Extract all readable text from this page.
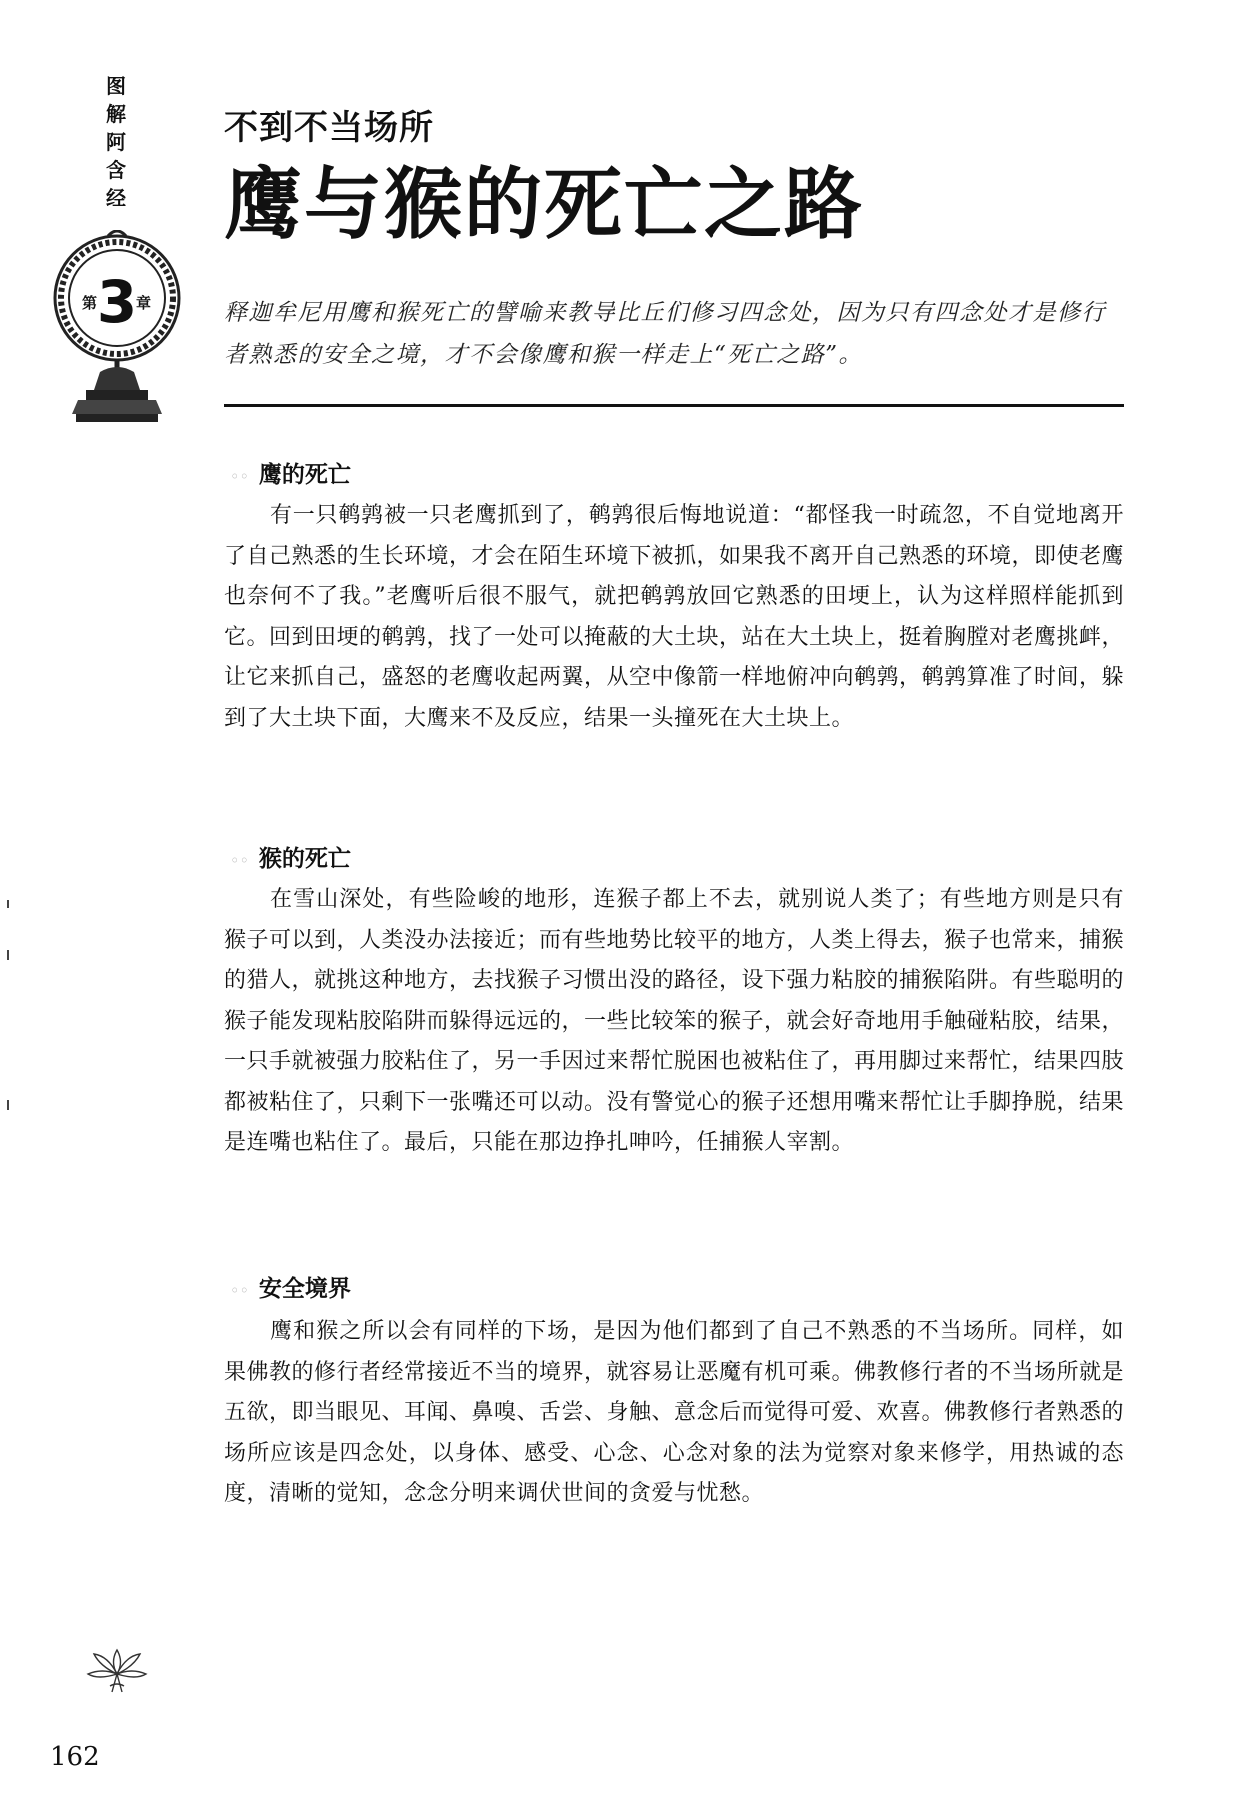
图
解
阿
含
经
第 3
章
不到不当场所
鹰与猴的死亡之路
释迦牟尼用鹰和猴死亡的譬喻来教导比丘们修习四念处，因为只有四念处才是修行者熟悉的安全之境，才不会像鹰和猴一样走上“死亡之路”。
◦◦ 鹰的死亡
有一只鹌鹑被一只老鹰抓到了，鹌鹑很后悔地说道：“都怪我一时疏忽，不自觉地离开了自己熟悉的生长环境，才会在陌生环境下被抓，如果我不离开自己熟悉的环境，即使老鹰也奈何不了我。”老鹰听后很不服气，就把鹌鹑放回它熟悉的田埂上，认为这样照样能抓到它。回到田埂的鹌鹑，找了一处可以掩蔽的大土块，站在大土块上，挺着胸膛对老鹰挑衅，让它来抓自己，盛怒的老鹰收起两翼，从空中像箭一样地俯冲向鹌鹑，鹌鹑算准了时间，躲到了大土块下面，大鹰来不及反应，结果一头撞死在大土块上。
◦◦ 猴的死亡
在雪山深处，有些险峻的地形，连猴子都上不去，就别说人类了；有些地方则是只有猴子可以到，人类没办法接近；而有些地势比较平的地方，人类上得去，猴子也常来，捕猴的猎人，就挑这种地方，去找猴子习惯出没的路径，设下强力粘胶的捕猴陷阱。有些聪明的猴子能发现粘胶陷阱而躲得远远的，一些比较笨的猴子，就会好奇地用手触碰粘胶，结果，一只手就被强力胶粘住了，另一手因过来帮忙脱困也被粘住了，再用脚过来帮忙，结果四肢都被粘住了，只剩下一张嘴还可以动。没有警觉心的猴子还想用嘴来帮忙让手脚挣脱，结果是连嘴也粘住了。最后，只能在那边挣扎呻吟，任捕猴人宰割。
◦◦ 安全境界
鹰和猴之所以会有同样的下场，是因为他们都到了自己不熟悉的不当场所。同样，如果佛教的修行者经常接近不当的境界，就容易让恶魔有机可乘。佛教修行者的不当场所就是五欲，即当眼见、耳闻、鼻嗅、舌尝、身触、意念后而觉得可爱、欢喜。佛教修行者熟悉的场所应该是四念处，以身体、感受、心念、心念对象的法为觉察对象来修学，用热诚的态度，清晰的觉知，念念分明来调伏世间的贪爱与忧愁。
162
